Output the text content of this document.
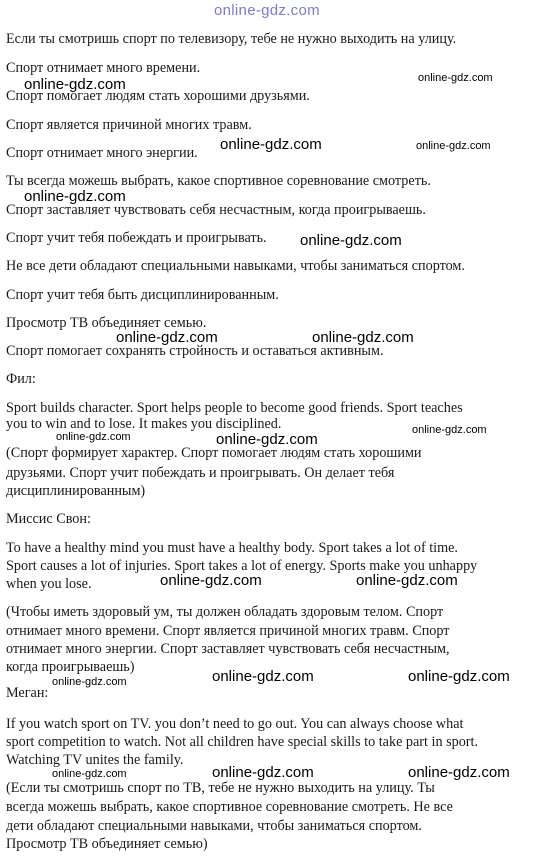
online-gdz.com

Если ты смотришь спорт по телевизору, тебе не нужно выходить на улицу.

Спорт отнимает много времени.

Спорт помогает людям стать хорошими друзьями.

Спорт является причиной многих травм.

Спорт отнимает много энергии.

Ты всегда можешь выбрать, какое спортивное соревнование смотреть.

Спорт заставляет чувствовать себя несчастным, когда проигрываешь.

Спорт учит тебя побеждать и проигрывать.

Не все дети обладают специальными навыками, чтобы заниматься спортом.

Спорт учит тебя быть дисциплинированным.

Просмотр ТВ объединяет семью.

Спорт помогает сохранять стройность и оставаться активным.

Фил:

Sport builds character. Sport helps people to become good friends. Sport teaches

you to win and to lose. It makes you disciplined.

(Спорт формирует характер. Спорт помогает людям стать хорошими

друзьями. Спорт учит побеждать и проигрывать. Он делает тебя

дисциплинированным)

Миссис Свон:

To have a healthy mind you must have a healthy body. Sport takes a lot of time.

Sport causes a lot of injuries. Sport takes a lot of energy. Sports make you unhappy

when you lose.

(Чтобы иметь здоровый ум, ты должен обладать здоровым телом. Спорт

отнимает много времени. Спорт является причиной многих травм. Спорт

отнимает много энергии. Спорт заставляет чувствовать себя несчастным,

когда проигрываешь)

Меган:

If you watch sport on TV. you don’t need to go out. You can always choose what

sport competition to watch. Not all children have special skills to take part in sport.

Watching TV unites the family.

(Если ты смотришь спорт по ТВ, тебе не нужно выходить на улицу. Ты

всегда можешь выбрать, какое спортивное соревнование смотреть. Не все

дети обладают специальными навыками, чтобы заниматься спортом.

Просмотр ТВ объединяет семью)

online-gdz.com
online-gdz.com
online-gdz.com	online-gdz.com
online-gdz.com
online-gdz.com
online-gdz.com	online-gdz.com
online-gdz.com	online-gdz.com
online-gdz.com
online-gdz.com	online-gdz.com
online-gdz.com	online-gdz.com	online-gdz.com
online-gdz.com	online-gdz.com	online-gdz.com
